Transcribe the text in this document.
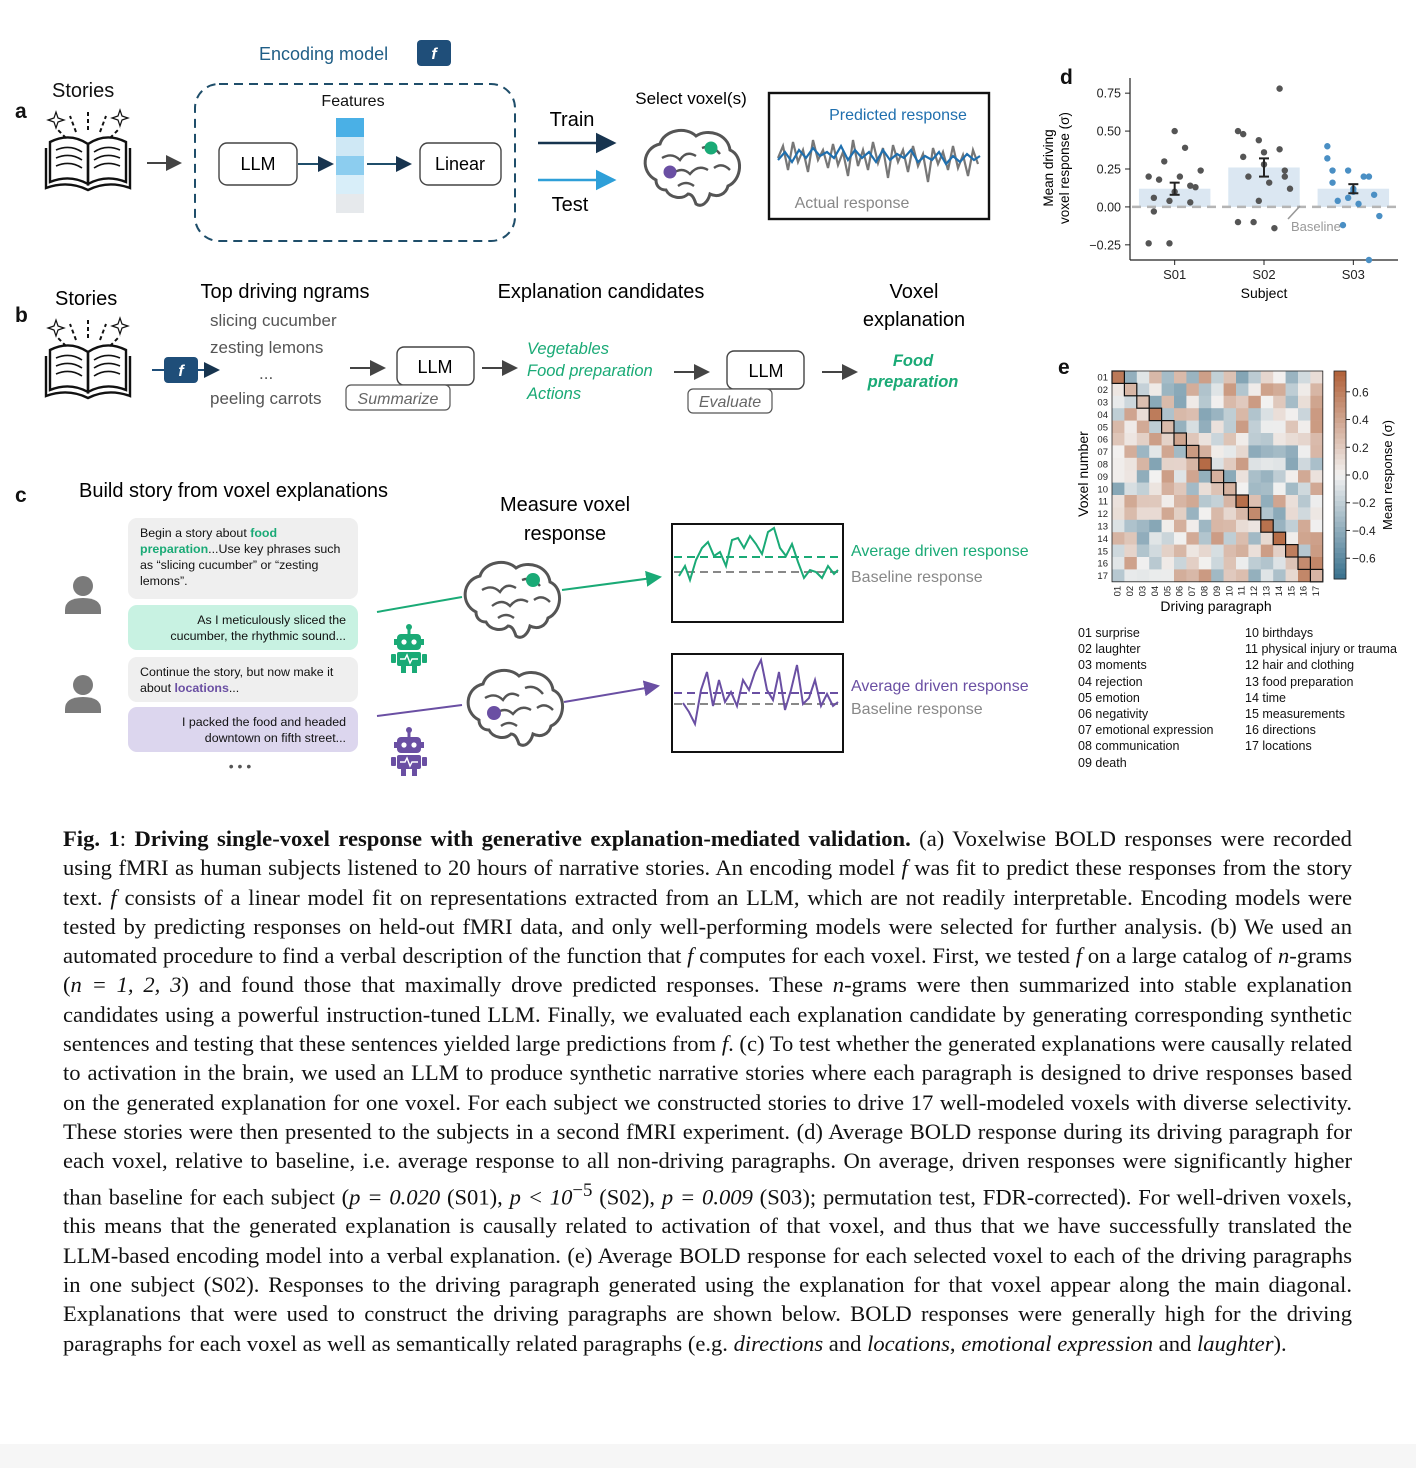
a
Stories
Encoding model	f
Features
LLM	Linear
Train
Test
Select voxel(s)
Predicted response
Actual response
b
Stories
f
Top driving ngrams
slicing cucumber
zesting lemons
...
peeling carrots
LLM
Summarize
Explanation candidates
Vegetables
Food preparation
Actions
LLM
Evaluate
Voxel
explanation
Food
preparation
c	Build story from voxel explanations
Measure voxel
response
• • •
Average driven response
Baseline response
Average driven response
Baseline response
d
0.75
0.50
0.25
0.00
−0.25
S01	S02	S03
Baseline
Mean driving voxel response (σ)
Subject
e	01
01
02
02
03
03
04
04
05
05
06
06
07
07
08
08
09
09
10
10
11
11
12
12
13
13
14
14
15
15
16
16
17
17
0.6
0.4
0.2
0.0
−0.2
−0.4
−0.6
Voxel number
Driving paragraph
Mean response (σ)
Begin a story about food preparation...Use key phrases such as “slicing cucumber” or “zesting lemons”.
As I meticulously sliced the cucumber, the rhythmic sound...
Continue the story, but now make it about locations...
I packed the food and headed downtown on fifth street...
01 surprise
02 laughter
03 moments
04 rejection
05 emotion
06 negativity
07 emotional expression
08 communication
09 death
10 birthdays
11 physical injury or trauma
12 hair and clothing
13 food preparation
14 time
15 measurements
16 directions
17 locations
Fig. 1: Driving single-voxel response with generative explanation-mediated validation. (a) Voxelwise BOLD responses were recorded using fMRI as human subjects listened to 20 hours of narrative stories. An encoding model f was fit to predict these responses from the story text. f consists of a linear model fit on representations extracted from an LLM, which are not readily interpretable. Encoding models were tested by predicting responses on held-out fMRI data, and only well-performing models were selected for further analysis. (b) We used an automated procedure to find a verbal description of the function that f computes for each voxel. First, we tested f on a large catalog of n-grams (n = 1, 2, 3) and found those that maximally drove predicted responses. These n-grams were then summarized into stable explanation candidates using a powerful instruction-tuned LLM. Finally, we evaluated each explanation candidate by generating corresponding synthetic sentences and testing that these sentences yielded large predictions from f. (c) To test whether the generated explanations were causally related to activation in the brain, we used an LLM to produce synthetic narrative stories where each paragraph is designed to drive responses based on the generated explanation for one voxel. For each subject we constructed stories to drive 17 well-modeled voxels with diverse selectivity. These stories were then presented to the subjects in a second fMRI experiment. (d) Average BOLD response during its driving paragraph for each voxel, relative to baseline, i.e. average response to all non-driving paragraphs. On average, driven responses were significantly higher than baseline for each subject (p = 0.020 (S01), $p < 10^{-5}$ (S02), p = 0.009 (S03); permutation test, FDR-corrected). For well-driven voxels, this means that the generated explanation is causally related to activation of that voxel, and thus that we have successfully translated the LLM-based encoding model into a verbal explanation. (e) Average BOLD response for each selected voxel to each of the driving paragraphs in one subject (S02). Responses to the driving paragraph generated using the explanation for that voxel appear along the main diagonal. Explanations that were used to construct the driving paragraphs are shown below. BOLD responses were generally high for the driving paragraphs for each voxel as well as semantically related paragraphs (e.g. directions and locations, emotional expression and laughter).
